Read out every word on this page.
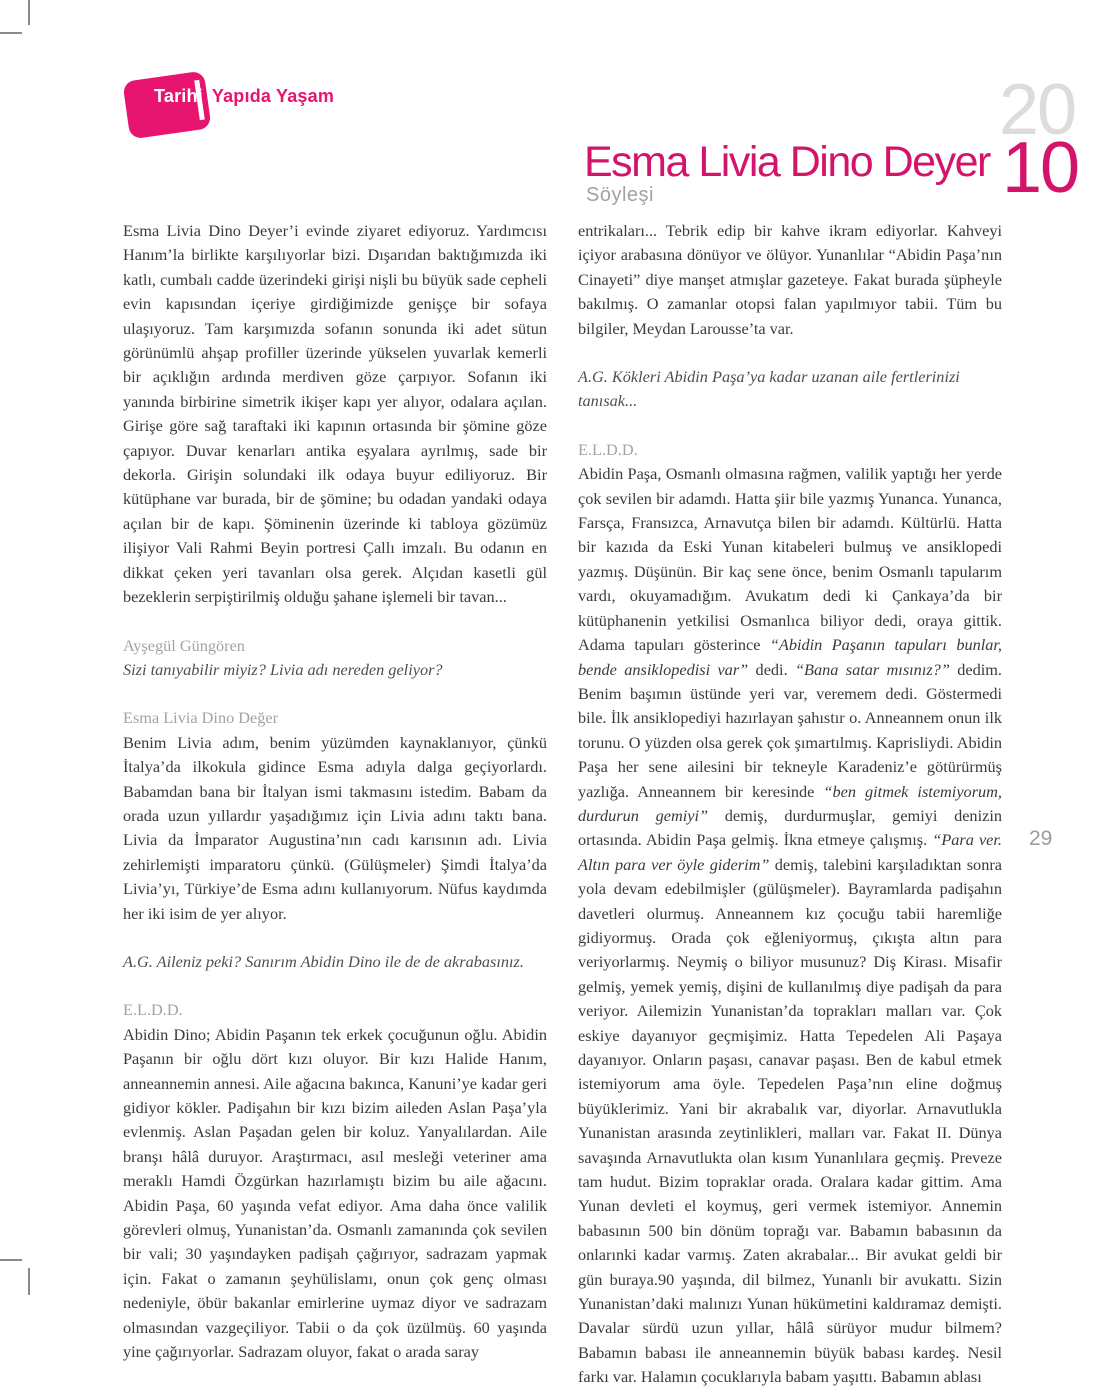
Tarihi Yapıda Yaşam
Esma Livia Dino Deyer
Söyleşi
20
10
29
Esma Livia Dino Deyer’i evinde ziyaret ediyoruz. Yardımcısı Hanım’la birlikte karşılıyorlar bizi. Dışarıdan baktığımızda iki katlı, cumbalı cadde üzerindeki girişi nişli bu büyük sade cepheli evin kapısından içeriye girdiğimizde genişçe bir sofaya ulaşıyoruz. Tam karşımızda sofanın sonunda iki adet sütun görünümlü ahşap profiller üzerinde yükselen yuvarlak kemerli bir açıklığın ardında merdiven göze çarpıyor. Sofanın iki yanında birbirine simetrik ikişer kapı yer alıyor, odalara açılan. Girişe göre sağ taraftaki iki kapının ortasında bir şömine göze çapıyor. Duvar kenarları antika eşyalara ayrılmış, sade bir dekorla. Girişin solundaki ilk odaya buyur ediliyoruz. Bir kütüphane var burada, bir de şömine; bu odadan yandaki odaya açılan bir de kapı. Şöminenin üzerinde ki tabloya gözümüz ilişiyor Vali Rahmi Beyin portresi Çallı imzalı. Bu odanın en dikkat çeken yeri tavanları olsa gerek. Alçıdan kasetli gül bezeklerin serpiştirilmiş olduğu şahane işlemeli bir tavan...
Ayşegül Güngören
Sizi tanıyabilir miyiz? Livia adı nereden geliyor?
Esma Livia Dino Değer
Benim Livia adım, benim yüzümden kaynaklanıyor, çünkü İtalya’da ilkokula gidince Esma adıyla dalga geçiyorlardı. Babamdan bana bir İtalyan ismi takmasını istedim. Babam da orada uzun yıllardır yaşadığımız için Livia adını taktı bana. Livia da İmparator Augustina’nın cadı karısının adı. Livia zehirlemişti imparatoru çünkü. (Gülüşmeler) Şimdi İtalya’da Livia’yı, Türkiye’de Esma adını kullanıyorum. Nüfus kaydımda her iki isim de yer alıyor.
A.G. Aileniz peki? Sanırım Abidin Dino ile de de akrabasınız.
E.L.D.D.
Abidin Dino; Abidin Paşanın tek erkek çocuğunun oğlu. Abidin Paşanın bir oğlu dört kızı oluyor. Bir kızı Halide Hanım, anneannemin annesi. Aile ağacına bakınca, Kanuni’ye kadar geri gidiyor kökler. Padişahın bir kızı bizim aileden Aslan Paşa’yla evlenmiş. Aslan Paşadan gelen bir koluz. Yanyalılardan. Aile branşı hâlâ duruyor. Araştırmacı, asıl mesleği veteriner ama meraklı Hamdi Özgürkan hazırlamıştı bizim bu aile ağacını. Abidin Paşa, 60 yaşında vefat ediyor. Ama daha önce valilik görevleri olmuş, Yunanistan’da. Osmanlı zamanında çok sevilen bir vali; 30 yaşındayken padişah çağırıyor, sadrazam yapmak için. Fakat o zamanın şeyhülislamı, onun çok genç olması nedeniyle, öbür bakanlar emirlerine uymaz diyor ve sadrazam olmasından vazgeçiliyor. Tabii o da çok üzülmüş. 60 yaşında yine çağırıyorlar. Sadrazam oluyor, fakat o arada saray
entrikaları... Tebrik edip bir kahve ikram ediyorlar. Kahveyi içiyor arabasına dönüyor ve ölüyor. Yunanlılar “Abidin Paşa’nın Cinayeti” diye manşet atmışlar gazeteye. Fakat burada şüpheyle bakılmış. O zamanlar otopsi falan yapılmıyor tabii. Tüm bu bilgiler, Meydan Larousse’ta var.
A.G. Kökleri Abidin Paşa’ya kadar uzanan aile fertlerinizi tanısak...
E.L.D.D.
Abidin Paşa, Osmanlı olmasına rağmen, valilik yaptığı her yerde çok sevilen bir adamdı. Hatta şiir bile yazmış Yunanca. Yunanca, Farsça, Fransızca, Arnavutça bilen bir adamdı. Kültürlü. Hatta bir kazıda da Eski Yunan kitabeleri bulmuş ve ansiklopedi yazmış. Düşünün. Bir kaç sene önce, benim Osmanlı tapularım vardı, okuyamadığım. Avukatım dedi ki Çankaya’da bir kütüphanenin yetkilisi Osmanlıca biliyor dedi, oraya gittik. Adama tapuları gösterince “Abidin Paşanın tapuları bunlar, bende ansiklopedisi var” dedi. “Bana satar mısınız?” dedim. Benim başımın üstünde yeri var, veremem dedi. Göstermedi bile. İlk ansiklopediyi hazırlayan şahıstır o. Anneannem onun ilk torunu. O yüzden olsa gerek çok şımartılmış. Kaprisliydi. Abidin Paşa her sene ailesini bir tekneyle Karadeniz’e götürürmüş yazlığa. Anneannem bir keresinde “ben gitmek istemiyorum, durdurun gemiyi” demiş, durdurmuşlar, gemiyi denizin ortasında. Abidin Paşa gelmiş. İkna etmeye çalışmış. “Para ver. Altın para ver öyle giderim” demiş, talebini karşıladıktan sonra yola devam edebilmişler (gülüşmeler). Bayramlarda padişahın davetleri olurmuş. Anneannem kız çocuğu tabii haremliğe gidiyormuş. Orada çok eğleniyormuş, çıkışta altın para veriyorlarmış. Neymiş o biliyor musunuz? Diş Kirası. Misafir gelmiş, yemek yemiş, dişini de kullanılmış diye padişah da para veriyor. Ailemizin Yunanistan’da toprakları malları var. Çok eskiye dayanıyor geçmişimiz. Hatta Tepedelen Ali Paşaya dayanıyor. Onların paşası, canavar paşası. Ben de kabul etmek istemiyorum ama öyle. Tepedelen Paşa’nın eline doğmuş büyüklerimiz. Yani bir akrabalık var, diyorlar. Arnavutlukla Yunanistan arasında zeytinlikleri, malları var. Fakat II. Dünya savaşında Arnavutlukta olan kısım Yunanlılara geçmiş. Preveze tam hudut. Bizim topraklar orada. Oralara kadar gittim. Ama Yunan devleti el koymuş, geri vermek istemiyor. Annemin babasının 500 bin dönüm toprağı var. Babamın babasının da onlarınki kadar varmış. Zaten akrabalar... Bir avukat geldi bir gün buraya.90 yaşında, dil bilmez, Yunanlı bir avukattı. Sizin Yunanistan’daki malınızı Yunan hükümetini kaldıramaz demişti. Davalar sürdü uzun yıllar, hâlâ sürüyor mudur bilmem? Babamın babası ile anneannemin büyük babası kardeş. Nesil farkı var. Halamın çocuklarıyla babam yaşıttı. Babamın ablası
